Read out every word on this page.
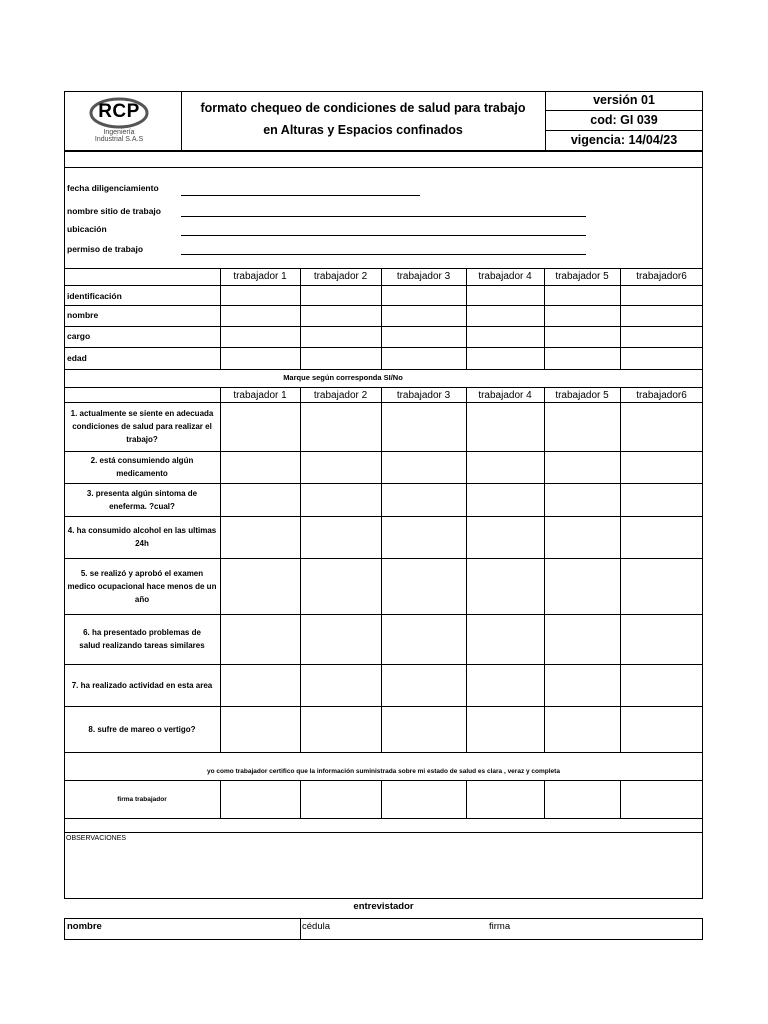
RCP
Ingeniería
Industrial S.A.S
formato chequeo de condiciones de salud para trabajo
en Alturas y Espacios confinados
versión 01
cod: GI 039
vigencia: 14/04/23
fecha diligenciamiento
nombre sitio de trabajo
ubicación
permiso de trabajo
trabajador 1	trabajador 2	trabajador 3	trabajador 4	trabajador 5	trabajador6
identificación
nombre
cargo
edad
Marque según corresponda SI/No
trabajador 1	trabajador 2	trabajador 3	trabajador 4	trabajador 5	trabajador6
1. actualmente se siente en adecuada condiciones de salud para realizar el trabajo?
2. está consumiendo algún medicamento
3. presenta algún sintoma de eneferma. ?cual?
4. ha consumido alcohol en las ultimas 24h
5. se realizó y aprobó el examen medico ocupacional hace menos de un año
6. ha presentado problemas de salud realizando tareas similares
7. ha realizado actividad en esta area
8. sufre de mareo o vertigo?
yo como trabajador certifico que la información suministrada sobre mi estado de salud es clara , veraz y completa
firma trabajador
OBSERVACIONES
entrevistador
nombre	cédula	firma
